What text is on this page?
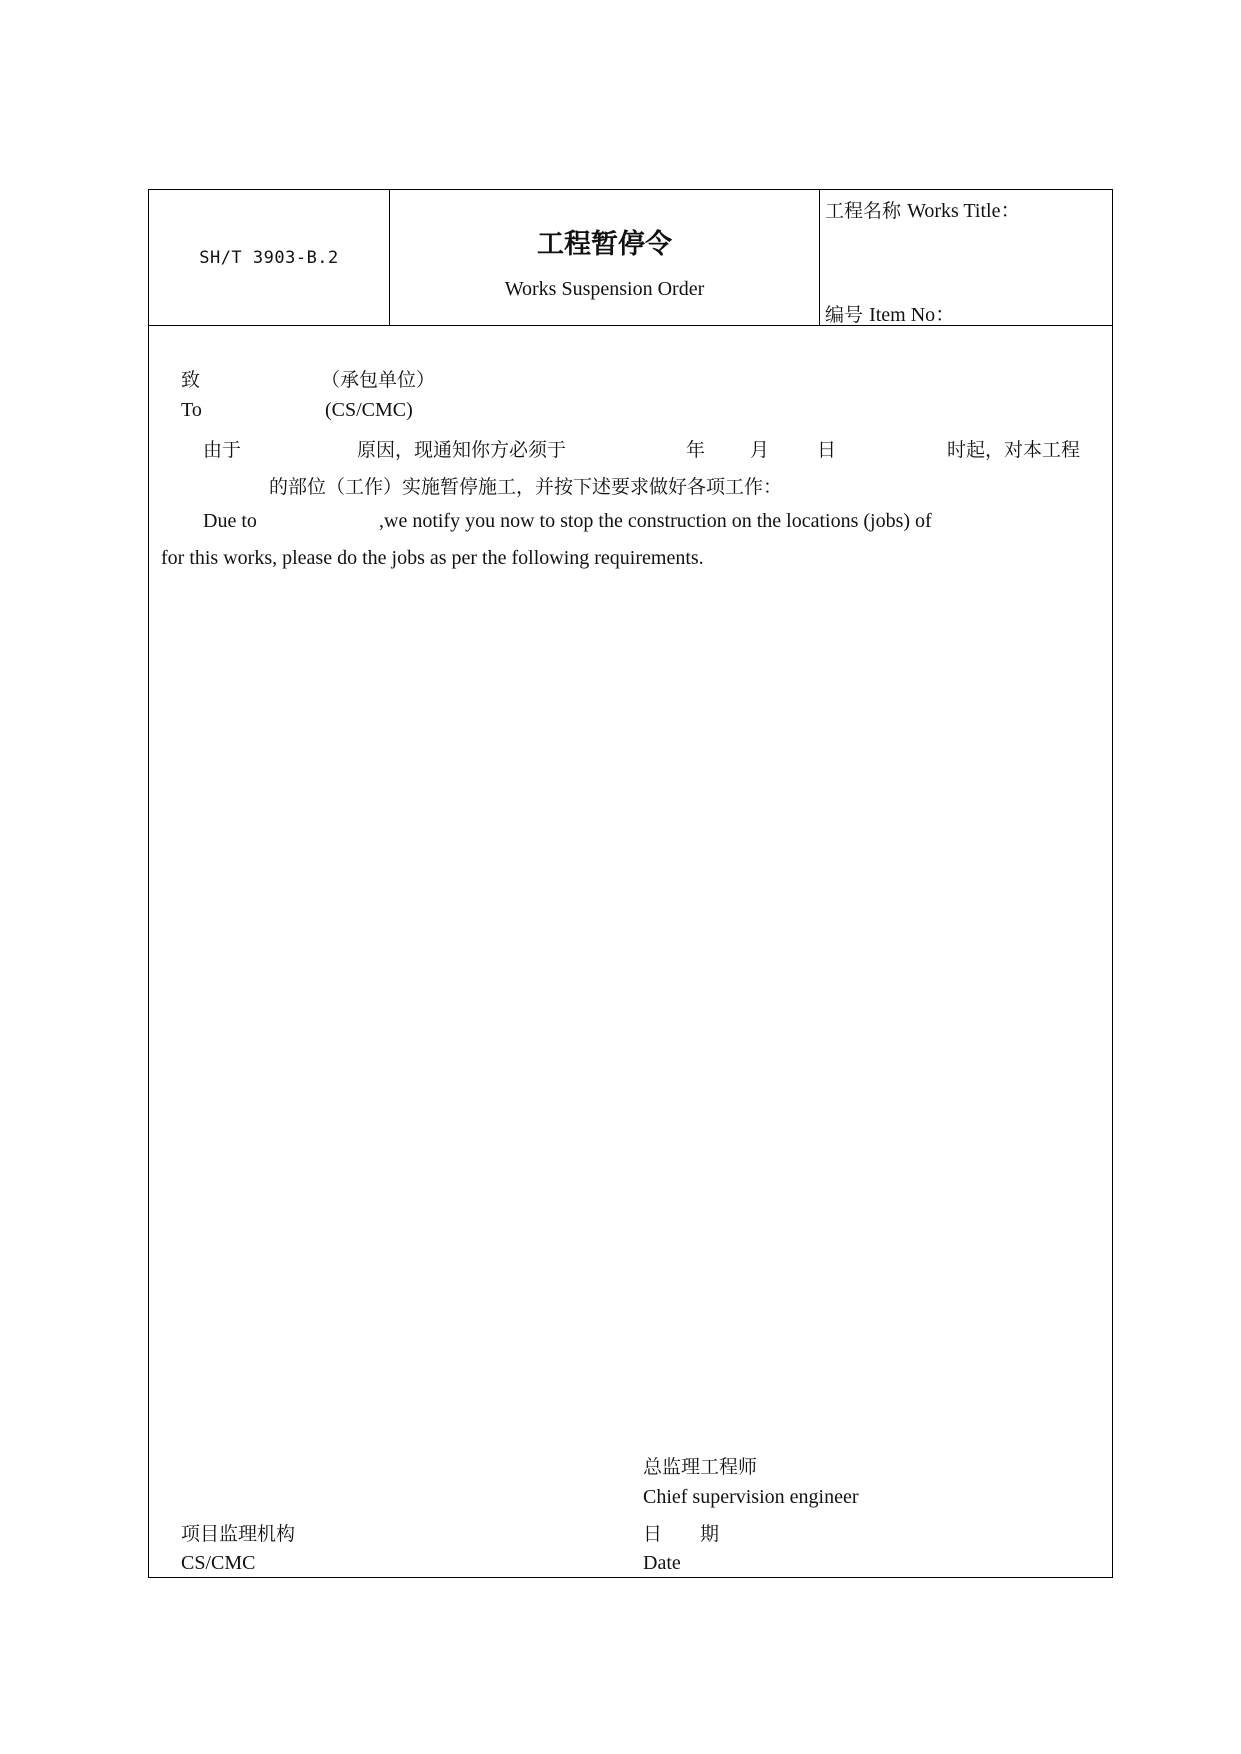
SH/T 3903-B.2	工程暂停令
Works Suspension Order
工程名称 Works Title：
编号 Item No：
致	（承包单位）
To	(CS/CMC)
由于	原因，现通知你方必须于	年 月	日	时起，对本工程
的部位（工作）实施暂停施工，并按下述要求做好各项工作：
Due to	,we notify you now to stop the construction on the locations (jobs) of
for this works, please do the jobs as per the following requirements.
总监理工程师
Chief supervision engineer
日　　期
Date
项目监理机构
CS/CMC
